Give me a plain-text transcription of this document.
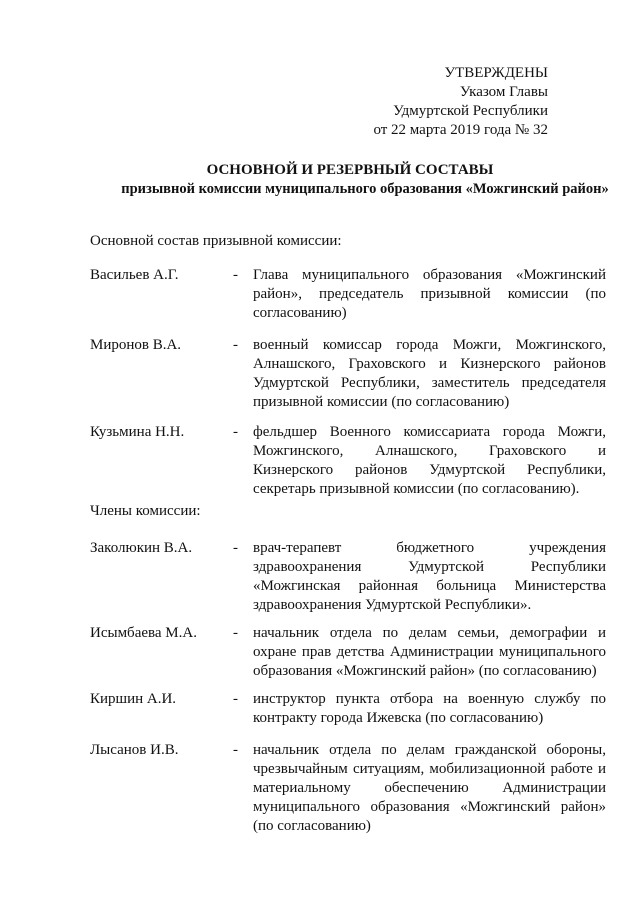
УТВЕРЖДЕНЫ
Указом Главы
Удмуртской Республики
от 22 марта 2019 года № 32
ОСНОВНОЙ И РЕЗЕРВНЫЙ СОСТАВЫ
призывной комиссии муниципального образования «Можгинский район»
Основной состав призывной комиссии:
Васильев А.Г.	- Глава муниципального образования «Можгинский район», председатель призывной комиссии (по согласованию)
Миронов В.А.	- военный комиссар города Можги, Можгинского, Алнашского, Граховского и Кизнерского районов Удмуртской Республики, заместитель председателя призывной комиссии (по согласованию)
Кузьмина Н.Н.	- фельдшер Военного комиссариата города Можги, Можгинского, Алнашского, Граховского и Кизнерского районов Удмуртской Республики, секретарь призывной комиссии (по согласованию).
Члены комиссии:
Заколюкин В.А.	- врач-терапевт бюджетного учреждения здравоохранения Удмуртской Республики «Можгинская районная больница Министерства здравоохранения Удмуртской Республики».
Исымбаева М.А.	- начальник отдела по делам семьи, демографии и охране прав детства Администрации муниципального образования «Можгинский район» (по согласованию)
Киршин А.И.	- инструктор пункта отбора на военную службу по контракту города Ижевска (по согласованию)
Лысанов И.В.	- начальник отдела по делам гражданской обороны, чрезвычайным ситуациям, мобилизационной работе и материальному обеспечению Администрации муниципального образования «Можгинский район» (по согласованию)
